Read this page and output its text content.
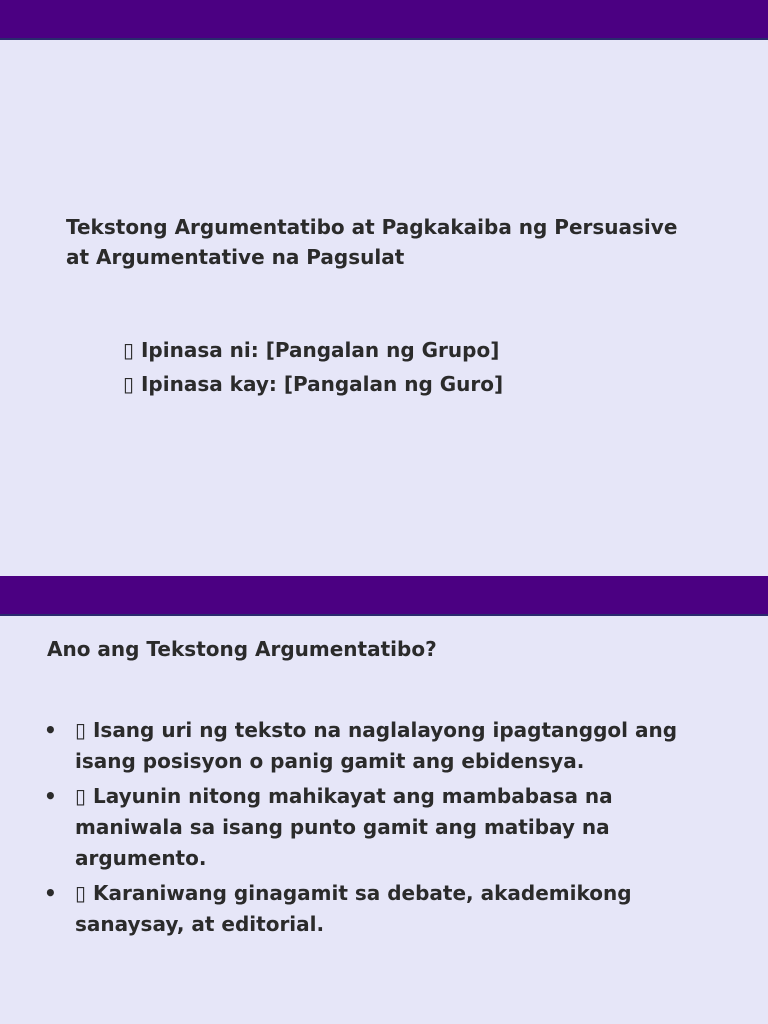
Tekstong Argumentatibo at Pagkakaiba ng Persuasive at Argumentative na Pagsulat
▯ Ipinasa ni: [Pangalan ng Grupo]
▯ Ipinasa kay: [Pangalan ng Guro]
Ano ang Tekstong Argumentatibo?
• ▯ Isang uri ng teksto na naglalayong ipagtanggol ang isang posisyon o panig gamit ang ebidensya.
• ▯ Layunin nitong mahikayat ang mambabasa na maniwala sa isang punto gamit ang matibay na argumento.
• ▯ Karaniwang ginagamit sa debate, akademikong sanaysay, at editorial.
